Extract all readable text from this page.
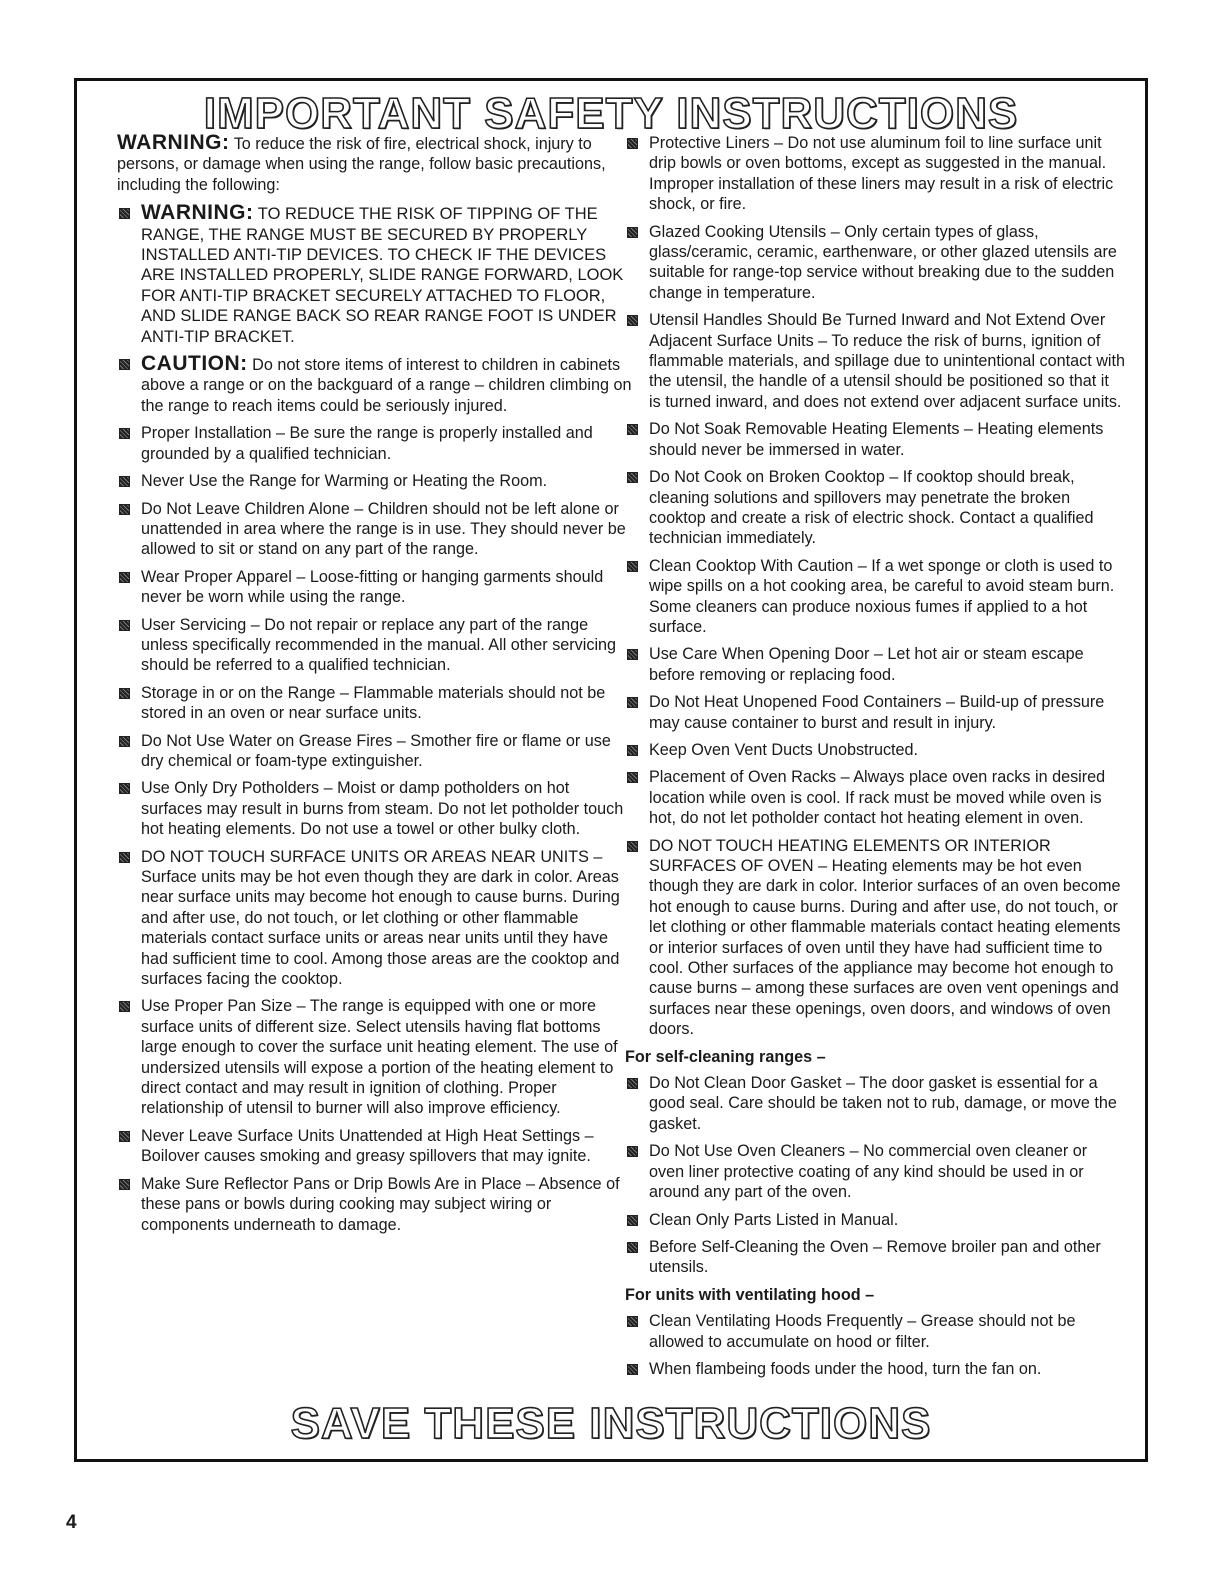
IMPORTANT SAFETY INSTRUCTIONS

WARNING: To reduce the risk of fire, electrical shock, injury to persons, or damage when using the range, follow basic precautions, including the following:

WARNING: TO REDUCE THE RISK OF TIPPING OF THE RANGE, THE RANGE MUST BE SECURED BY PROPERLY INSTALLED ANTI-TIP DEVICES. TO CHECK IF THE DEVICES ARE INSTALLED PROPERLY, SLIDE RANGE FORWARD, LOOK FOR ANTI-TIP BRACKET SECURELY ATTACHED TO FLOOR, AND SLIDE RANGE BACK SO REAR RANGE FOOT IS UNDER ANTI-TIP BRACKET.

CAUTION: Do not store items of interest to children in cabinets above a range or on the backguard of a range – children climbing on the range to reach items could be seriously injured.

Proper Installation – Be sure the range is properly installed and grounded by a qualified technician.

Never Use the Range for Warming or Heating the Room.

Do Not Leave Children Alone – Children should not be left alone or unattended in area where the range is in use. They should never be allowed to sit or stand on any part of the range.

Wear Proper Apparel – Loose-fitting or hanging garments should never be worn while using the range.

User Servicing – Do not repair or replace any part of the range unless specifically recommended in the manual. All other servicing should be referred to a qualified technician.

Storage in or on the Range – Flammable materials should not be stored in an oven or near surface units.

Do Not Use Water on Grease Fires – Smother fire or flame or use dry chemical or foam-type extinguisher.

Use Only Dry Potholders – Moist or damp potholders on hot surfaces may result in burns from steam. Do not let potholder touch hot heating elements. Do not use a towel or other bulky cloth.

DO NOT TOUCH SURFACE UNITS OR AREAS NEAR UNITS – Surface units may be hot even though they are dark in color. Areas near surface units may become hot enough to cause burns. During and after use, do not touch, or let clothing or other flammable materials contact surface units or areas near units until they have had sufficient time to cool. Among those areas are the cooktop and surfaces facing the cooktop.

Use Proper Pan Size – The range is equipped with one or more surface units of different size. Select utensils having flat bottoms large enough to cover the surface unit heating element. The use of undersized utensils will expose a portion of the heating element to direct contact and may result in ignition of clothing. Proper relationship of utensil to burner will also improve efficiency.

Never Leave Surface Units Unattended at High Heat Settings – Boilover causes smoking and greasy spillovers that may ignite.

Make Sure Reflector Pans or Drip Bowls Are in Place – Absence of these pans or bowls during cooking may subject wiring or components underneath to damage.

Protective Liners – Do not use aluminum foil to line surface unit drip bowls or oven bottoms, except as suggested in the manual. Improper installation of these liners may result in a risk of electric shock, or fire.

Glazed Cooking Utensils – Only certain types of glass, glass/ceramic, ceramic, earthenware, or other glazed utensils are suitable for range-top service without breaking due to the sudden change in temperature.

Utensil Handles Should Be Turned Inward and Not Extend Over Adjacent Surface Units – To reduce the risk of burns, ignition of flammable materials, and spillage due to unintentional contact with the utensil, the handle of a utensil should be positioned so that it is turned inward, and does not extend over adjacent surface units.

Do Not Soak Removable Heating Elements – Heating elements should never be immersed in water.

Do Not Cook on Broken Cooktop – If cooktop should break, cleaning solutions and spillovers may penetrate the broken cooktop and create a risk of electric shock. Contact a qualified technician immediately.

Clean Cooktop With Caution – If a wet sponge or cloth is used to wipe spills on a hot cooking area, be careful to avoid steam burn. Some cleaners can produce noxious fumes if applied to a hot surface.

Use Care When Opening Door – Let hot air or steam escape before removing or replacing food.

Do Not Heat Unopened Food Containers – Build-up of pressure may cause container to burst and result in injury.

Keep Oven Vent Ducts Unobstructed.

Placement of Oven Racks – Always place oven racks in desired location while oven is cool. If rack must be moved while oven is hot, do not let potholder contact hot heating element in oven.

DO NOT TOUCH HEATING ELEMENTS OR INTERIOR SURFACES OF OVEN – Heating elements may be hot even though they are dark in color. Interior surfaces of an oven become hot enough to cause burns. During and after use, do not touch, or let clothing or other flammable materials contact heating elements or interior surfaces of oven until they have had sufficient time to cool. Other surfaces of the appliance may become hot enough to cause burns – among these surfaces are oven vent openings and surfaces near these openings, oven doors, and windows of oven doors.

For self-cleaning ranges –

Do Not Clean Door Gasket – The door gasket is essential for a good seal. Care should be taken not to rub, damage, or move the gasket.

Do Not Use Oven Cleaners – No commercial oven cleaner or oven liner protective coating of any kind should be used in or around any part of the oven.

Clean Only Parts Listed in Manual.

Before Self-Cleaning the Oven – Remove broiler pan and other utensils.

For units with ventilating hood –

Clean Ventilating Hoods Frequently – Grease should not be allowed to accumulate on hood or filter.

When flambeing foods under the hood, turn the fan on.

SAVE THESE INSTRUCTIONS
4
